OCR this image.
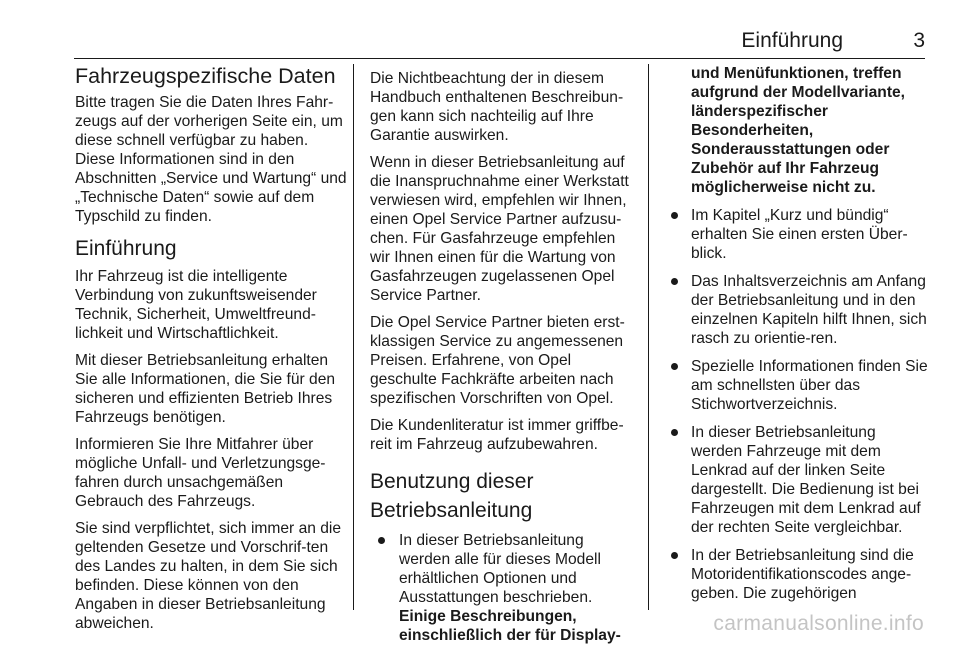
Einführung	3
Fahrzeugspezifische Daten

Bitte tragen Sie die Daten Ihres Fahr-zeugs auf der vorherigen Seite ein, um diese schnell verfügbar zu haben. Diese Informationen sind in den Abschnitten „Service und Wartung“ und „Technische Daten“ sowie auf dem Typschild zu finden.

Einführung

Ihr Fahrzeug ist die intelligente Verbindung von zukunftsweisender Technik, Sicherheit, Umweltfreund-lichkeit und Wirtschaftlichkeit.

Mit dieser Betriebsanleitung erhalten Sie alle Informationen, die Sie für den sicheren und effizienten Betrieb Ihres Fahrzeugs benötigen.

Informieren Sie Ihre Mitfahrer über mögliche Unfall- und Verletzungsge-fahren durch unsachgemäßen Gebrauch des Fahrzeugs.

Sie sind verpflichtet, sich immer an die geltenden Gesetze und Vorschrif-ten des Landes zu halten, in dem Sie sich befinden. Diese können von den Angaben in dieser Betriebsanleitung abweichen.

Die Nichtbeachtung der in diesem Handbuch enthaltenen Beschreibun-gen kann sich nachteilig auf Ihre Garantie auswirken.

Wenn in dieser Betriebsanleitung auf die Inanspruchnahme einer Werkstatt verwiesen wird, empfehlen wir Ihnen, einen Opel Service Partner aufzusu-chen. Für Gasfahrzeuge empfehlen wir Ihnen einen für die Wartung von Gasfahrzeugen zugelassenen Opel Service Partner.

Die Opel Service Partner bieten erst-klassigen Service zu angemessenen Preisen. Erfahrene, von Opel geschulte Fachkräfte arbeiten nach spezifischen Vorschriften von Opel.

Die Kundenliteratur ist immer griffbe-reit im Fahrzeug aufzubewahren.

Benutzung dieser Betriebsanleitung
In dieser Betriebsanleitung werden alle für dieses Modell erhältlichen Optionen und Ausstattungen beschrieben. Einige Beschreibungen, einschließlich der für Display-
und Menüfunktionen, treffen aufgrund der Modellvariante, länderspezifischer Besonderheiten, Sonderausstattungen oder Zubehör auf Ihr Fahrzeug möglicherweise nicht zu.
Im Kapitel „Kurz und bündig“ erhalten Sie einen ersten Über-blick.
Das Inhaltsverzeichnis am Anfang der Betriebsanleitung und in den einzelnen Kapiteln hilft Ihnen, sich rasch zu orientie-ren.
Spezielle Informationen finden Sie am schnellsten über das Stichwortverzeichnis.
In dieser Betriebsanleitung werden Fahrzeuge mit dem Lenkrad auf der linken Seite dargestellt. Die Bedienung ist bei Fahrzeugen mit dem Lenkrad auf der rechten Seite vergleichbar.
In der Betriebsanleitung sind die Motoridentifikationscodes ange-geben. Die zugehörigen
carmanualsonline.info
